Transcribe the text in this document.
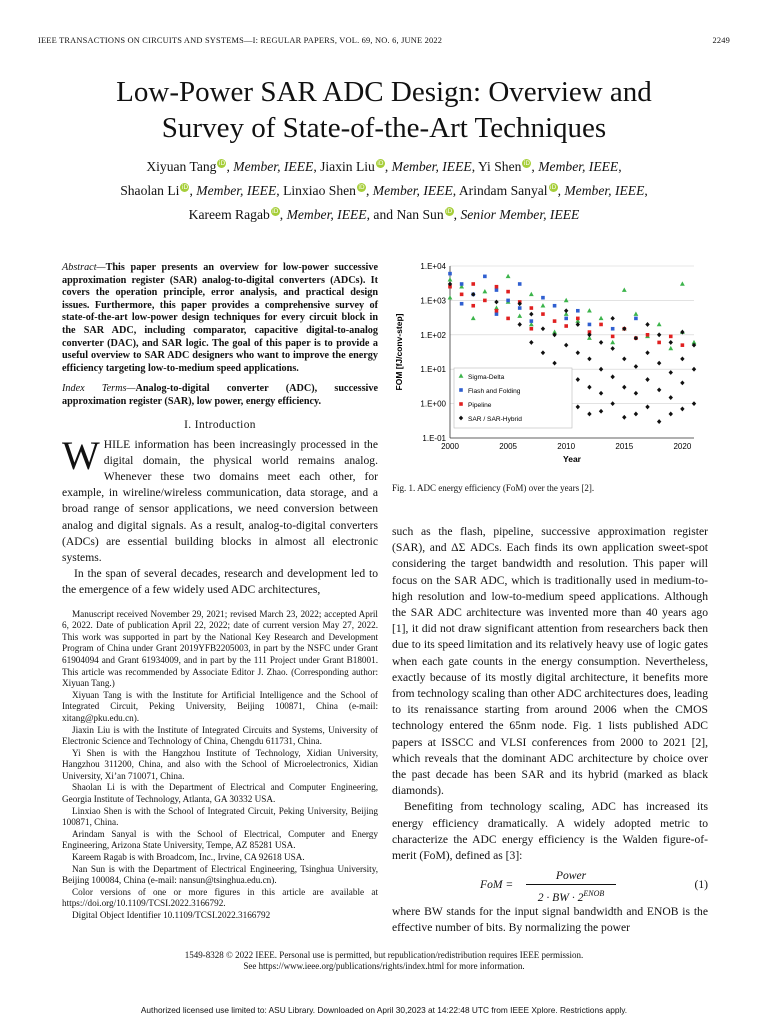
IEEE TRANSACTIONS ON CIRCUITS AND SYSTEMS—I: REGULAR PAPERS, VOL. 69, NO. 6, JUNE 2022	2249
Low-Power SAR ADC Design: Overview and
Survey of State-of-the-Art Techniques
Xiyuan Tang iD, Member, IEEE, Jiaxin Liu iD, Member, IEEE, Yi Shen iD, Member, IEEE,
Shaolan Li iD, Member, IEEE, Linxiao Shen iD, Member, IEEE, Arindam Sanyal iD, Member, IEEE,
Kareem Ragab iD, Member, IEEE, and Nan Sun iD, Senior Member, IEEE
Abstract—This paper presents an overview for low-power successive approximation register (SAR) analog-to-digital converters (ADCs). It covers the operation principle, error analysis, and practical design issues. Furthermore, this paper provides a comprehensive survey of state-of-the-art low-power design techniques for every circuit block in the SAR ADC, including comparator, capacitive digital-to-analog converter (DAC), and SAR logic. The goal of this paper is to provide a useful overview to SAR ADC designers who want to improve the energy efficiency targeting low-to-medium speed applications.
Index Terms—Analog-to-digital converter (ADC), successive approximation register (SAR), low power, energy efficiency.
I. Introduction
WHILE information has been increasingly processed in the digital domain, the physical world remains analog. Whenever these two domains meet each other, for example, in wireline/wireless communication, data storage, and a broad range of sensor applications, we need conversion between analog and digital signals. As a result, analog-to-digital converters (ADCs) are essential building blocks in almost all electronic systems.
In the span of several decades, research and development led to the emergence of a few widely used ADC architectures,

Manuscript received November 29, 2021; revised March 23, 2022; accepted April 6, 2022. Date of publication April 22, 2022; date of current version May 27, 2022. This work was supported in part by the National Key Research and Development Program of China under Grant 2019YFB2205003, in part by the NSFC under Grant 61904094 and Grant 61934009, and in part by the 111 Project under Grant B18001. This article was recommended by Associate Editor J. Zhao. (Corresponding author: Xiyuan Tang.)

Xiyuan Tang is with the Institute for Artificial Intelligence and the School of Integrated Circuit, Peking University, Beijing 100871, China (e-mail: xitang@pku.edu.cn).

Jiaxin Liu is with the Institute of Integrated Circuits and Systems, University of Electronic Science and Technology of China, Chengdu 611731, China.

Yi Shen is with the Hangzhou Institute of Technology, Xidian University, Hangzhou 311200, China, and also with the School of Microelectronics, Xidian University, Xi’an 710071, China.

Shaolan Li is with the Department of Electrical and Computer Engineering, Georgia Institute of Technology, Atlanta, GA 30332 USA.

Linxiao Shen is with the School of Integrated Circuit, Peking University, Beijing 100871, China.

Arindam Sanyal is with the School of Electrical, Computer and Energy Engineering, Arizona State University, Tempe, AZ 85281 USA.

Kareem Ragab is with Broadcom, Inc., Irvine, CA 92618 USA.

Nan Sun is with the Department of Electrical Engineering, Tsinghua University, Beijing 100084, China (e-mail: nansun@tsinghua.edu.cn).

Color versions of one or more figures in this article are available at https://doi.org/10.1109/TCSI.2022.3166792.

Digital Object Identifier 10.1109/TCSI.2022.3166792

1.E-01
1.E+00
1.E+01
1.E+02
1.E+03
1.E+04
2000	2005	2010	2015	2020
Year
FOM [fJ/conv-step]	Sigma-Delta
Flash and Folding
Pipeline
SAR / SAR-Hybrid
Fig. 1. ADC energy efficiency (FoM) over the years [2].
such as the flash, pipeline, successive approximation register (SAR), and ΔΣ ADCs. Each finds its own application sweet-spot considering the target bandwidth and resolution. This paper will focus on the SAR ADC, which is traditionally used in medium-to-high resolution and low-to-medium speed applications. Although the SAR ADC architecture was invented more than 40 years ago [1], it did not draw significant attention from researchers back then due to its speed limitation and its relatively heavy use of logic gates when each gate counts in the energy consumption. Nevertheless, exactly because of its mostly digital architecture, it benefits more from technology scaling than other ADC architectures does, leading to its renaissance starting from around 2006 when the CMOS technology entered the 65nm node. Fig. 1 lists published ADC papers at ISSCC and VLSI conferences from 2000 to 2021 [2], which reveals that the dominant ADC architecture by choice over the past decade has been SAR and its hybrid (marked as black diamonds).
Benefiting from technology scaling, ADC has increased its energy efficiency dramatically. A widely adopted metric to characterize the ADC energy efficiency is the Walden figure-of-merit (FoM), defined as [3]:
FoM =
Power
2 · BW · $2^{ENOB}$
(1)
where BW stands for the input signal bandwidth and ENOB is the effective number of bits. By normalizing the power
1549-8328 © 2022 IEEE. Personal use is permitted, but republication/redistribution requires IEEE permission.
See https://www.ieee.org/publications/rights/index.html for more information.
Authorized licensed use limited to: ASU Library. Downloaded on April 30,2023 at 14:22:48 UTC from IEEE Xplore. Restrictions apply.
